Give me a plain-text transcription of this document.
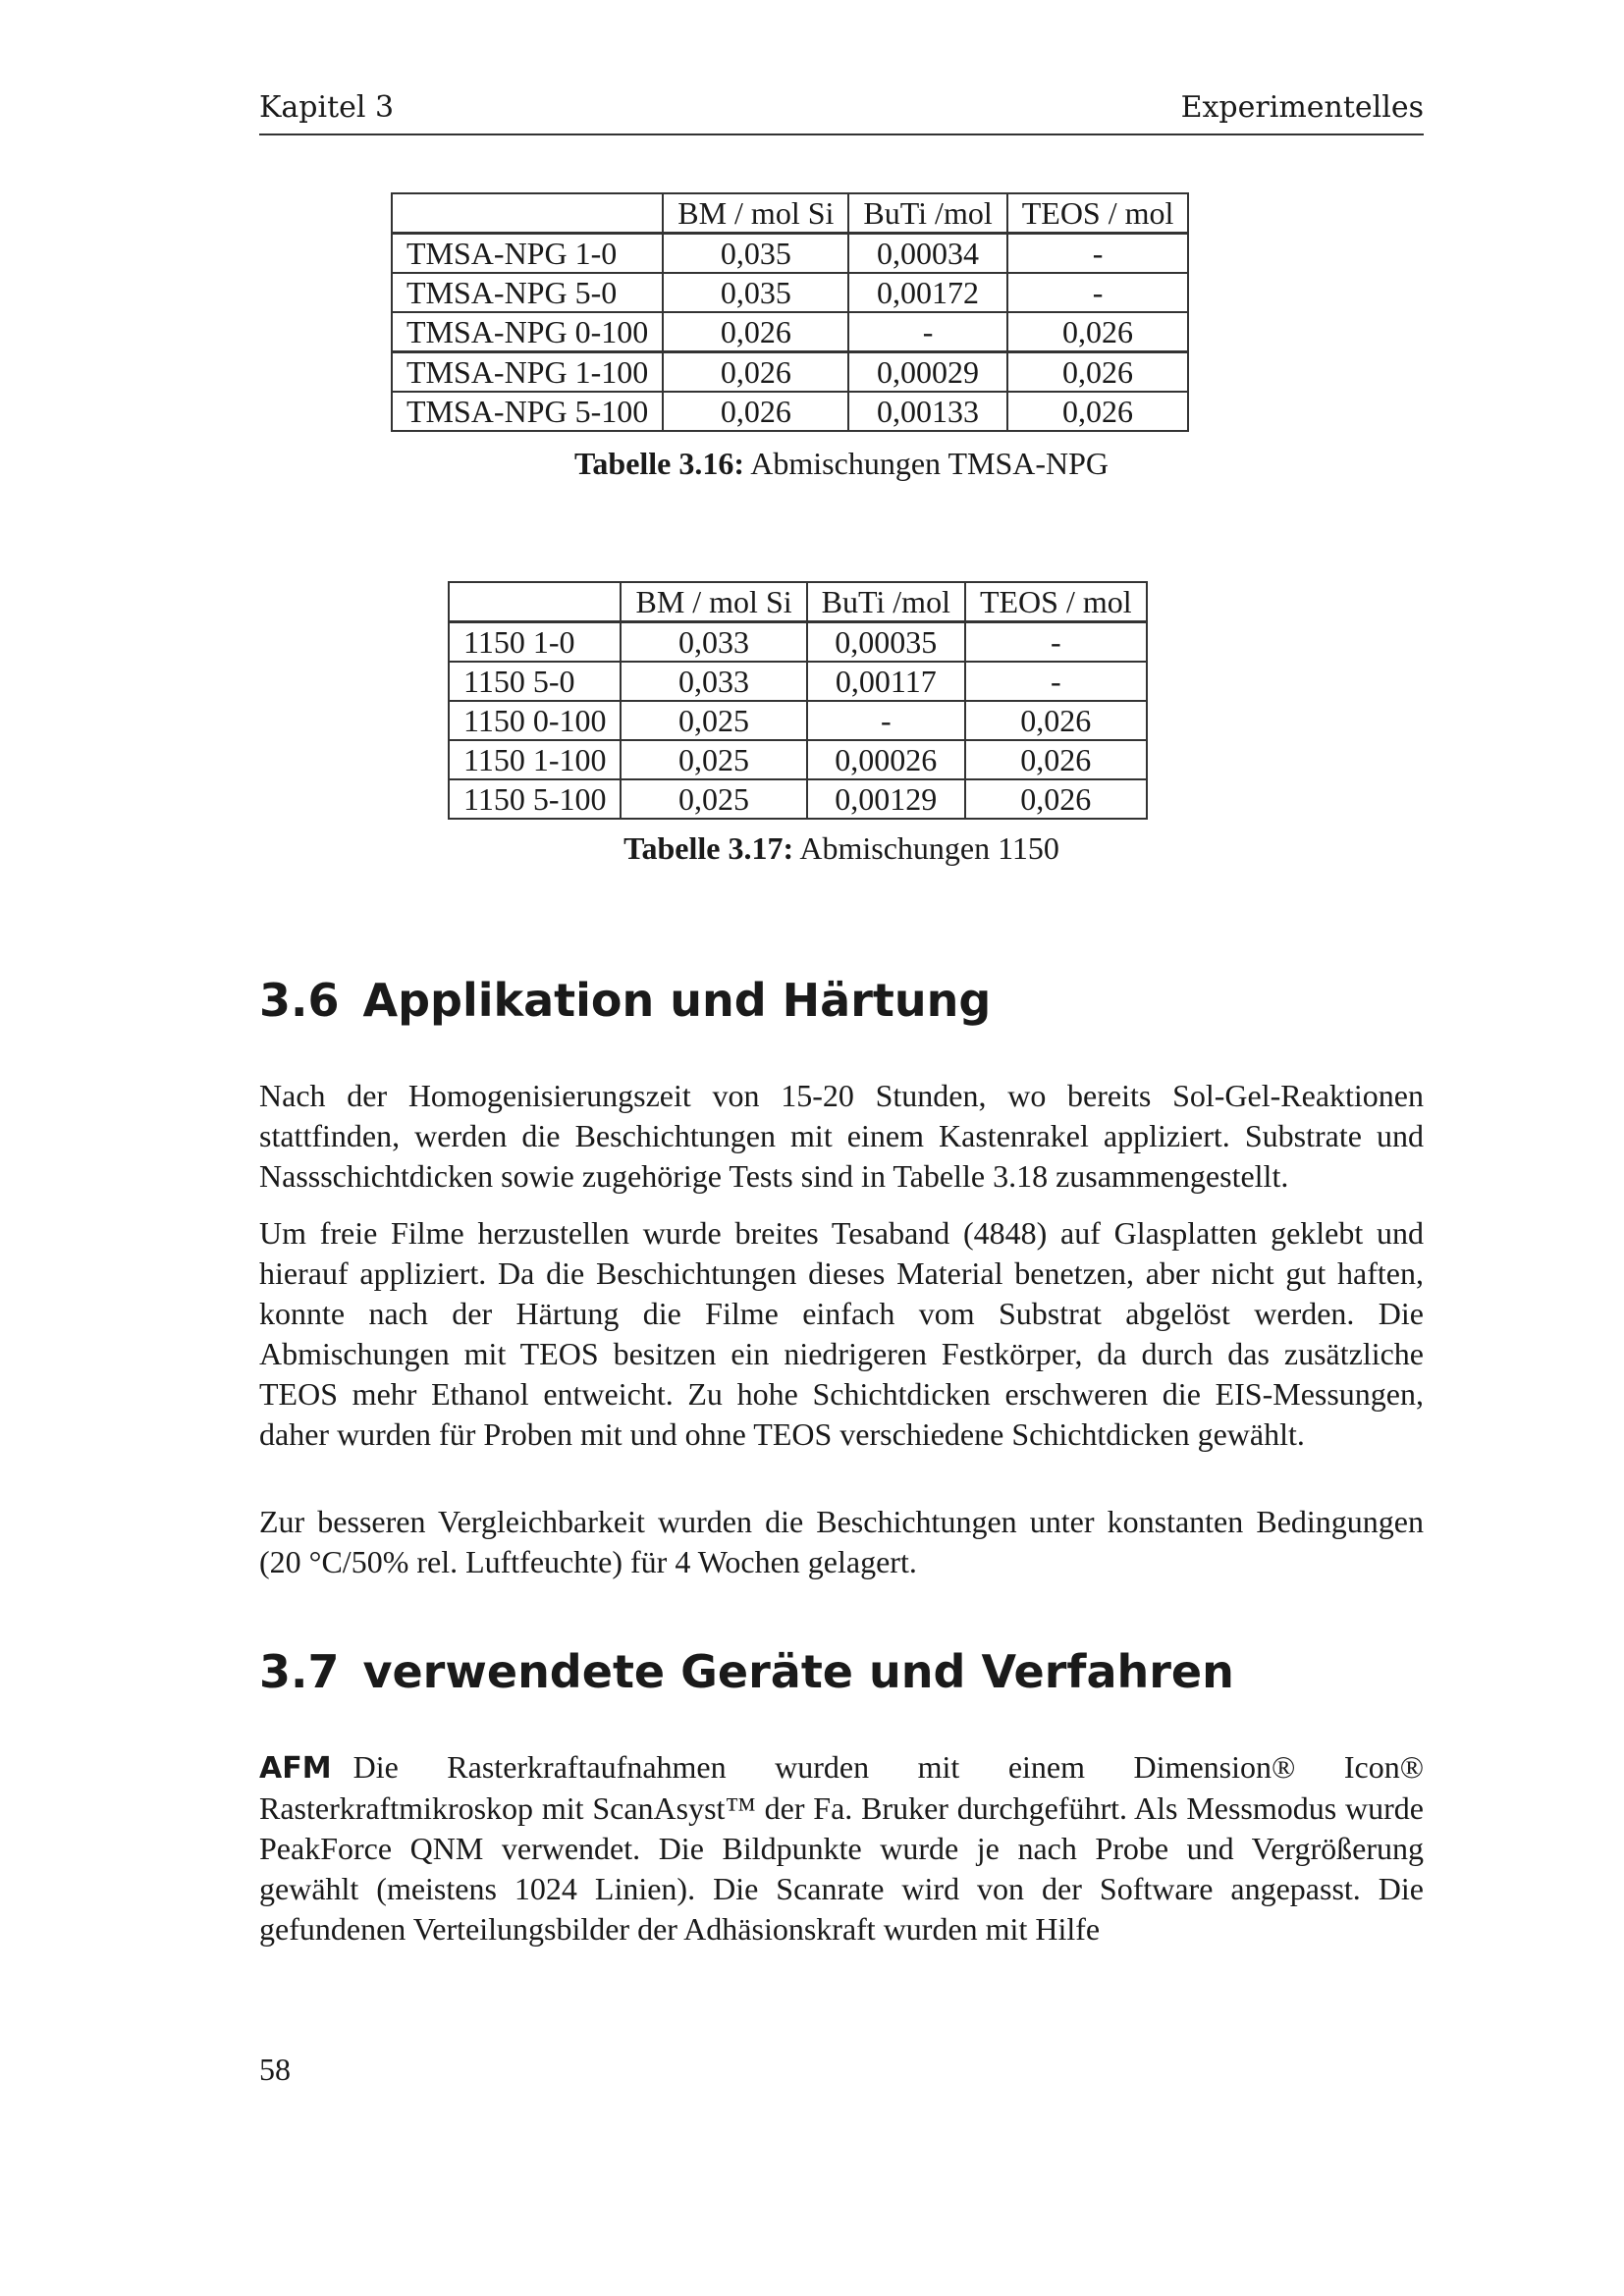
Kapitel 3	Experimentelles
	BM / mol Si	BuTi /mol	TEOS / mol
TMSA-NPG 1-0	0,035	0,00034	-
TMSA-NPG 5-0	0,035	0,00172	-
TMSA-NPG 0-100	0,026	-	0,026
TMSA-NPG 1-100	0,026	0,00029	0,026
TMSA-NPG 5-100	0,026	0,00133	0,026
Tabelle 3.16: Abmischungen TMSA-NPG
	BM / mol Si	BuTi /mol	TEOS / mol
1150 1-0	0,033	0,00035	-
1150 5-0	0,033	0,00117	-
1150 0-100	0,025	-	0,026
1150 1-100	0,025	0,00026	0,026
1150 5-100	0,025	0,00129	0,026
Tabelle 3.17: Abmischungen 1150
3.6 Applikation und Härtung

Nach der Homogenisierungszeit von 15-20 Stunden, wo bereits Sol-Gel-Reaktionen stattfinden, werden die Beschichtungen mit einem Kastenrakel appliziert. Substrate und Nassschichtdicken sowie zugehörige Tests sind in Tabelle 3.18 zusammengestellt.

Um freie Filme herzustellen wurde breites Tesaband (4848) auf Glasplatten geklebt und hierauf appliziert. Da die Beschichtungen dieses Material benetzen, aber nicht gut haften, konnte nach der Härtung die Filme einfach vom Substrat abgelöst werden. Die Abmischungen mit TEOS besitzen ein niedrigeren Festkörper, da durch das zusätzliche TEOS mehr Ethanol entweicht. Zu hohe Schichtdicken erschweren die EIS-Messungen, daher wurden für Proben mit und ohne TEOS verschiedene Schichtdicken gewählt.

Zur besseren Vergleichbarkeit wurden die Beschichtungen unter konstanten Bedingungen (20 °C/50% rel. Luftfeuchte) für 4 Wochen gelagert.

3.7 verwendete Geräte und Verfahren

AFM Die Rasterkraftaufnahmen wurden mit einem Dimension® Icon® Rasterkraftmikroskop mit ScanAsyst™ der Fa. Bruker durchgeführt. Als Messmodus wurde PeakForce QNM verwendet. Die Bildpunkte wurde je nach Probe und Vergrößerung gewählt (meistens 1024 Linien). Die Scanrate wird von der Software angepasst. Die gefundenen Verteilungsbilder der Adhäsionskraft wurden mit Hilfe

58
